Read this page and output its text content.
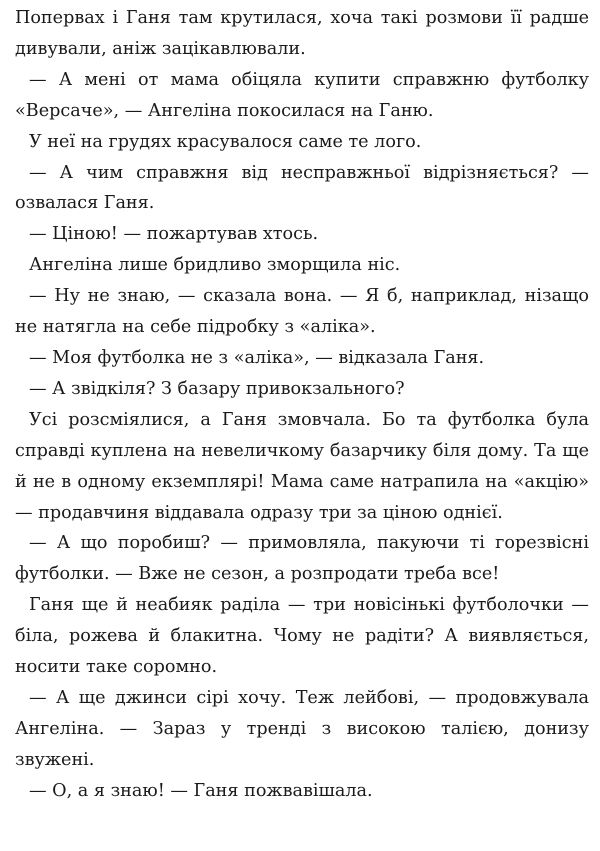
Попервах і Ганя там крутилася, хоча такі розмови її радше дивували, аніж зацікавлювали.

— А мені от мама обіцяла купити справжню футболку «Версаче», — Ангеліна покосилася на Ганю.

У неї на грудях красувалося саме те лого.

— А чим справжня від несправжньої відрізняється? — озвалася Ганя.

— Ціною! — пожартував хтось.

Ангеліна лише бридливо зморщила ніс.

— Ну не знаю, — сказала вона. — Я б, наприклад, нізащо не натягла на себе підробку з «аліка».

— Моя футболка не з «аліка», — відказала Ганя.

— А звідкіля? З базару привокзального?

Усі розсміялися, а Ганя змовчала. Бо та футболка була справді куплена на невеличкому базарчику біля дому. Та ще й не в одному екземплярі! Мама саме натрапила на «акцію» — продавчиня віддавала одразу три за ціною однієї.

— А що поробиш? — примовляла, пакуючи ті горезвісні футболки. — Вже не сезон, а розпродати треба все!

Ганя ще й неабияк раділа — три новісінькі футболочки — біла, рожева й блакитна. Чому не радіти? А виявляється, носити таке соромно.

— А ще джинси сірі хочу. Теж лейбові, — продовжувала Ангеліна. — Зараз у тренді з високою талією, донизу звужені.

— О, а я знаю! — Ганя пожвавішала.
